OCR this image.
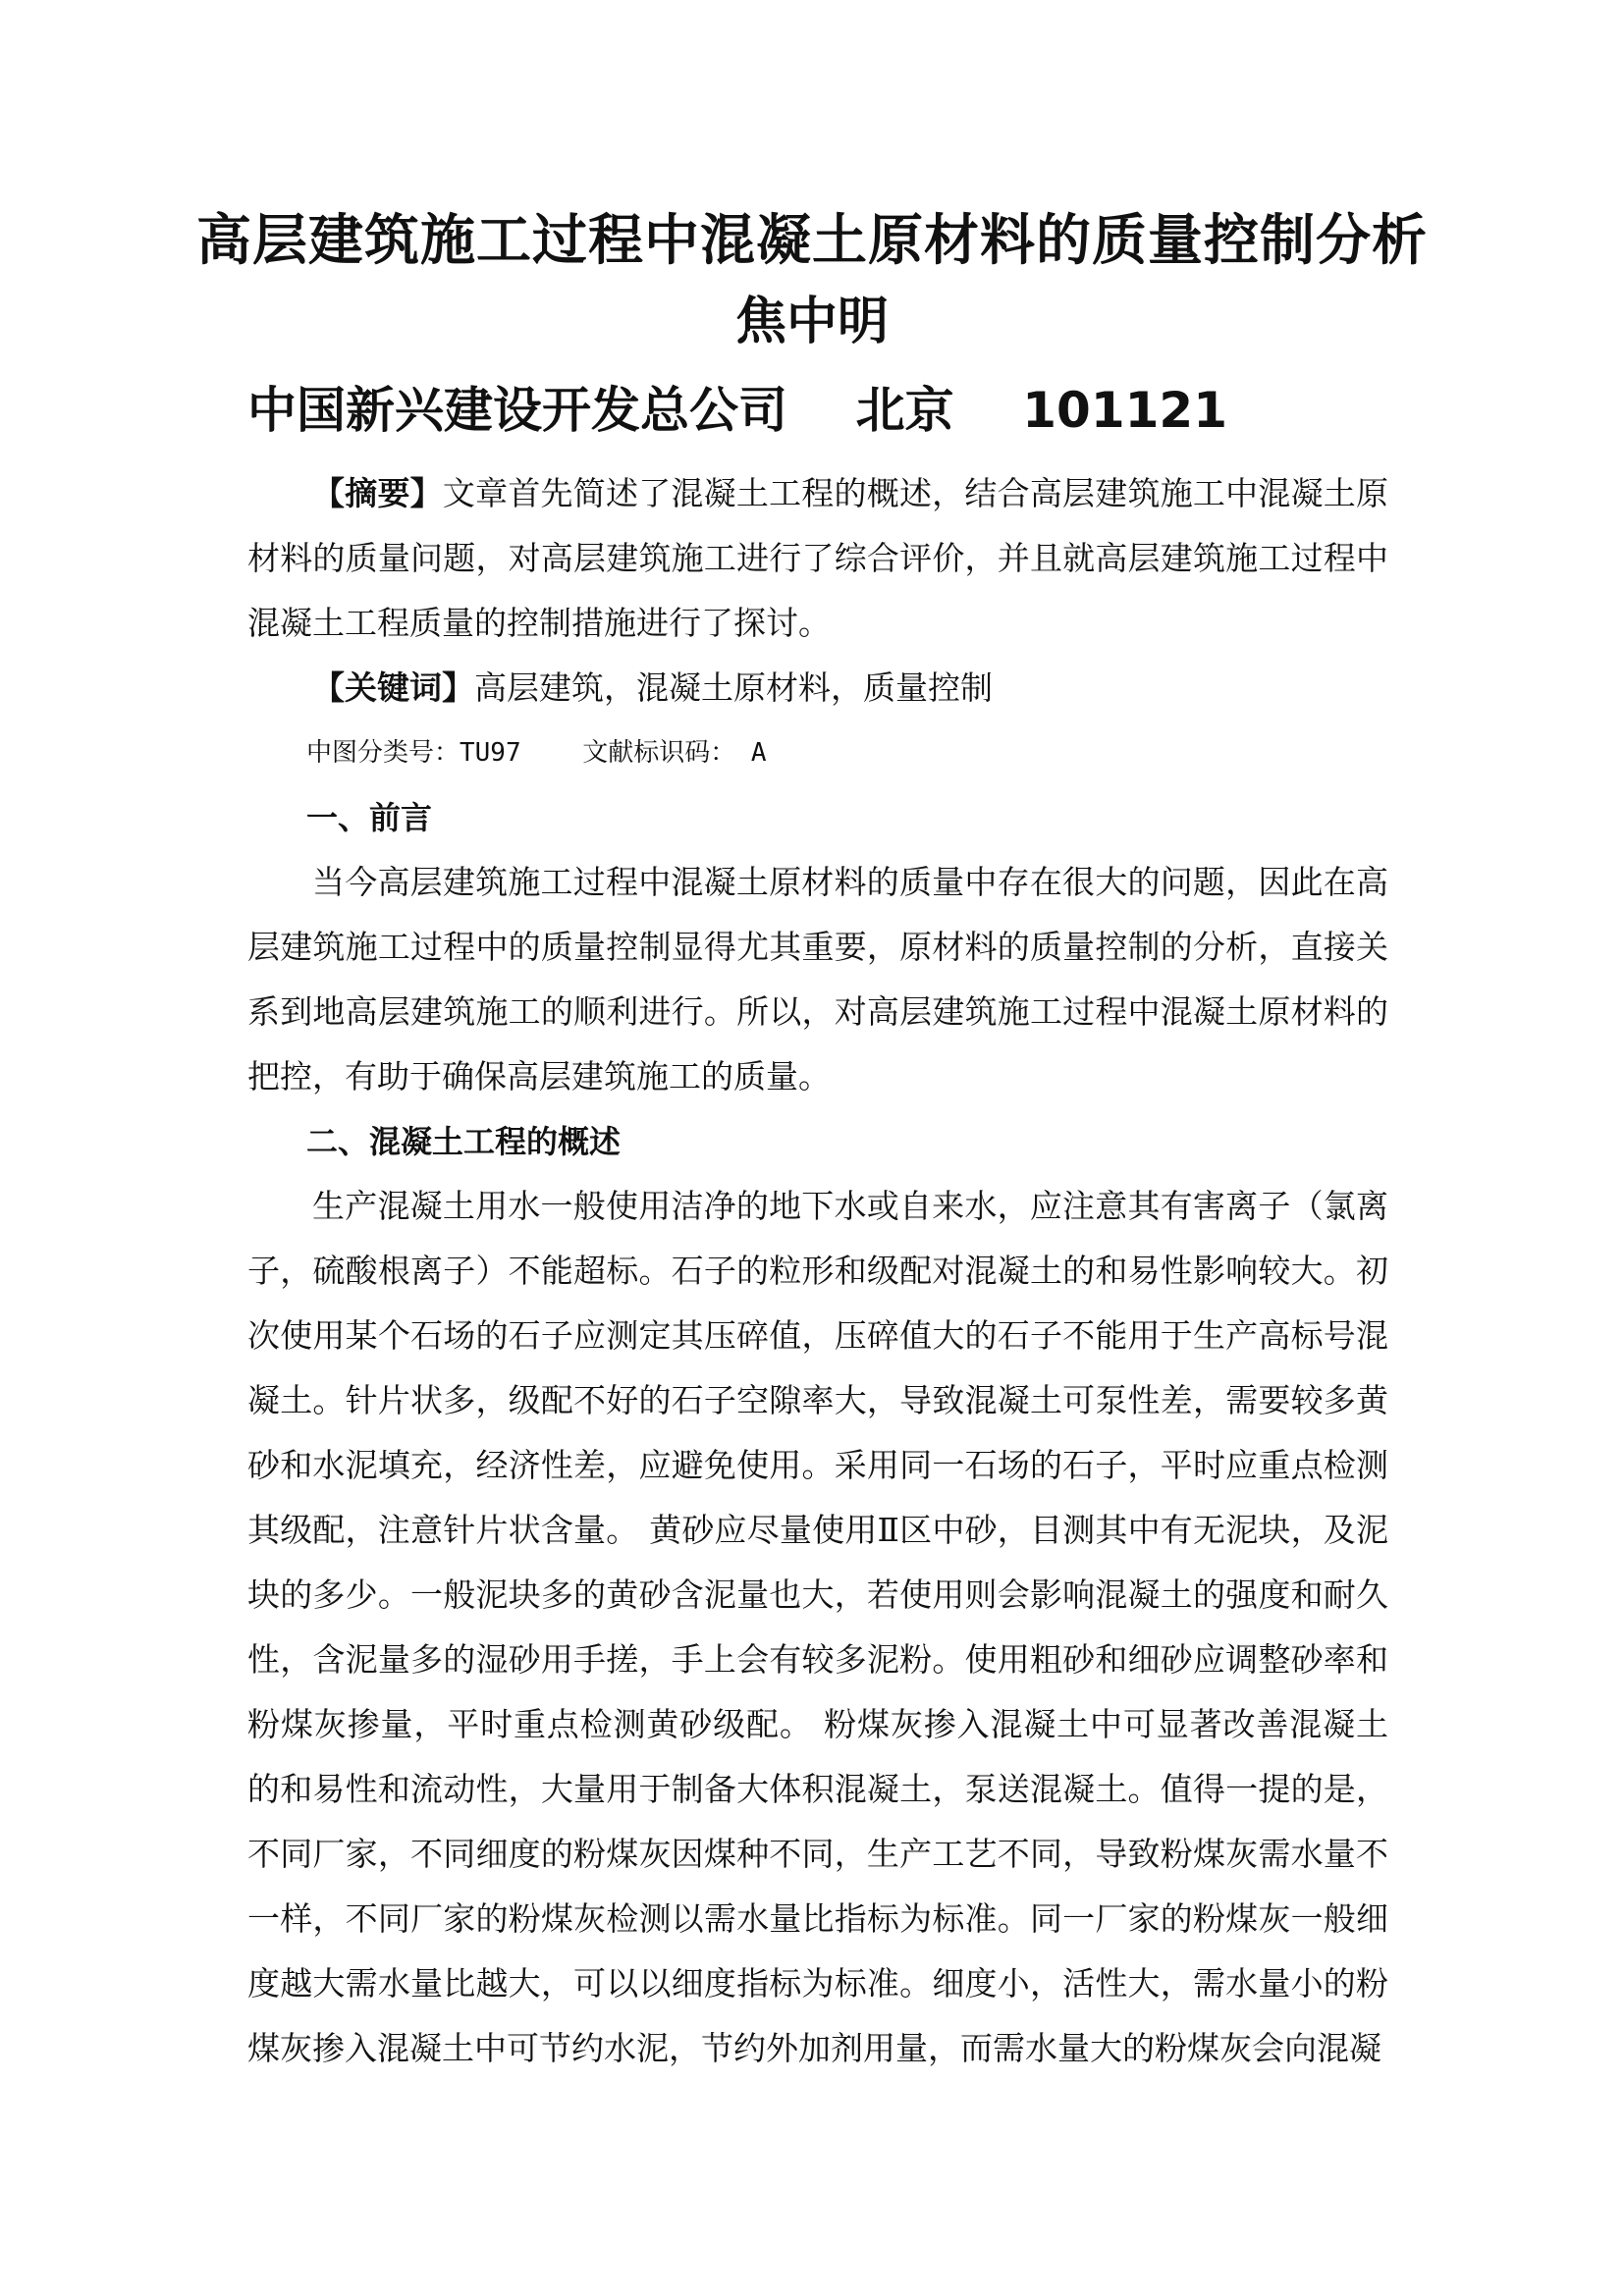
高层建筑施工过程中混凝土原材料的质量控制分析
焦中明
中国新兴建设开发总公司    北京    101121

【摘要】文章首先简述了混凝土工程的概述，结合高层建筑施工中混凝土原材料的质量问题，对高层建筑施工进行了综合评价，并且就高层建筑施工过程中混凝土工程质量的控制措施进行了探讨。

【关键词】高层建筑，混凝土原材料，质量控制

中图分类号：TU97    文献标识码： A

一、前言

当今高层建筑施工过程中混凝土原材料的质量中存在很大的问题，因此在高层建筑施工过程中的质量控制显得尤其重要，原材料的质量控制的分析，直接关系到地高层建筑施工的顺利进行。所以，对高层建筑施工过程中混凝土原材料的把控，有助于确保高层建筑施工的质量。

二、混凝土工程的概述

生产混凝土用水一般使用洁净的地下水或自来水，应注意其有害离子（氯离子，硫酸根离子）不能超标。石子的粒形和级配对混凝土的和易性影响较大。初次使用某个石场的石子应测定其压碎值，压碎值大的石子不能用于生产高标号混凝土。针片状多，级配不好的石子空隙率大，导致混凝土可泵性差，需要较多黄砂和水泥填充，经济性差，应避免使用。采用同一石场的石子，平时应重点检测其级配，注意针片状含量。 黄砂应尽量使用Ⅱ区中砂，目测其中有无泥块，及泥块的多少。一般泥块多的黄砂含泥量也大，若使用则会影响混凝土的强度和耐久性，含泥量多的湿砂用手搓，手上会有较多泥粉。使用粗砂和细砂应调整砂率和粉煤灰掺量，平时重点检测黄砂级配。 粉煤灰掺入混凝土中可显著改善混凝土的和易性和流动性，大量用于制备大体积混凝土，泵送混凝土。值得一提的是，不同厂家，不同细度的粉煤灰因煤种不同，生产工艺不同，导致粉煤灰需水量不一样，不同厂家的粉煤灰检测以需水量比指标为标准。同一厂家的粉煤灰一般细度越大需水量比越大，可以以细度指标为标准。细度小，活性大，需水量小的粉煤灰掺入混凝土中可节约水泥，节约外加剂用量，而需水量大的粉煤灰会向混凝
